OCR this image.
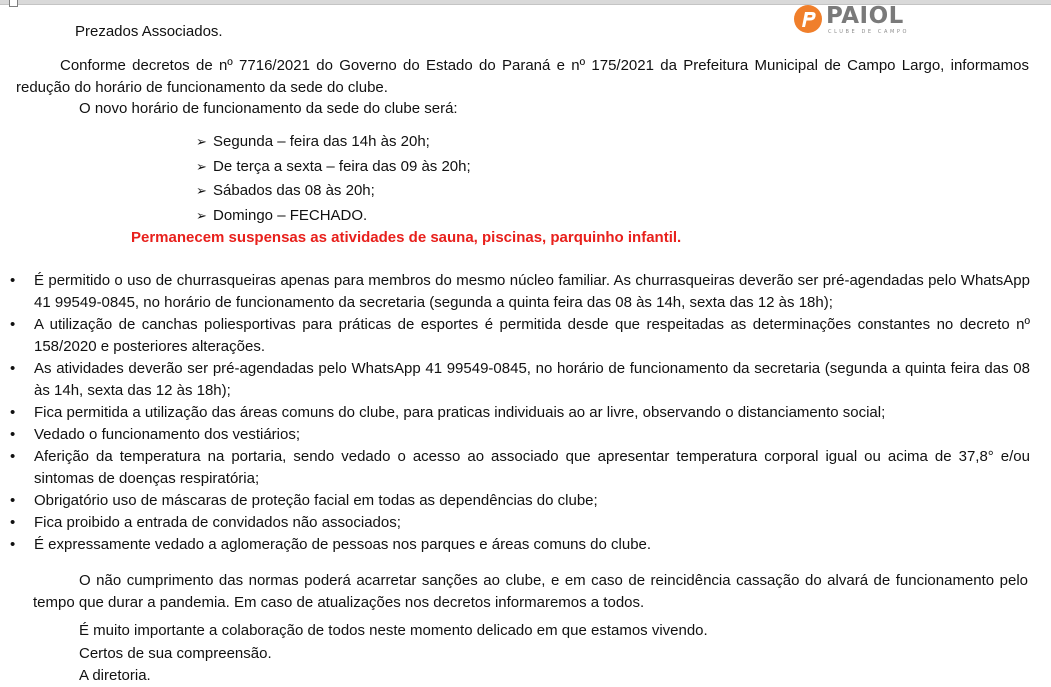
PAIOL
CLUBE DE CAMPO
Prezados Associados.
Conforme decretos de nº 7716/2021 do Governo do Estado do Paraná e nº 175/2021 da Prefeitura Municipal de Campo Largo, informamos redução do horário de funcionamento da sede do clube.
O novo horário de funcionamento da sede do clube será:
➢ Segunda – feira das 14h às 20h;
➢ De terça a sexta – feira das 09 às 20h;
➢ Sábados das 08 às 20h;
➢ Domingo – FECHADO.
Permanecem suspensas as atividades de sauna, piscinas, parquinho infantil.
• É permitido o uso de churrasqueiras apenas para membros do mesmo núcleo familiar. As churrasqueiras deverão ser pré-agendadas pelo WhatsApp 41 99549-0845, no horário de funcionamento da secretaria (segunda a quinta feira das 08 às 14h, sexta das 12 às 18h);
• A utilização de canchas poliesportivas para práticas de esportes é permitida desde que respeitadas as determinações constantes no decreto nº 158/2020 e posteriores alterações.
• As atividades deverão ser pré-agendadas pelo WhatsApp 41 99549-0845, no horário de funcionamento da secretaria (segunda a quinta feira das 08 às 14h, sexta das 12 às 18h);
• Fica permitida a utilização das áreas comuns do clube, para praticas individuais ao ar livre, observando o distanciamento social;
• Vedado o funcionamento dos vestiários;
• Aferição da temperatura na portaria, sendo vedado o acesso ao associado que apresentar temperatura corporal igual ou acima de 37,8° e/ou sintomas de doenças respiratória;
• Obrigatório uso de máscaras de proteção facial em todas as dependências do clube;
• Fica proibido a entrada de convidados não associados;
• É expressamente vedado a aglomeração de pessoas nos parques e áreas comuns do clube.
O não cumprimento das normas poderá acarretar sanções ao clube, e em caso de reincidência cassação do alvará de funcionamento pelo tempo que durar a pandemia. Em caso de atualizações nos decretos informaremos a todos.
É muito importante a colaboração de todos neste momento delicado em que estamos vivendo.
Certos de sua compreensão.
A diretoria.
